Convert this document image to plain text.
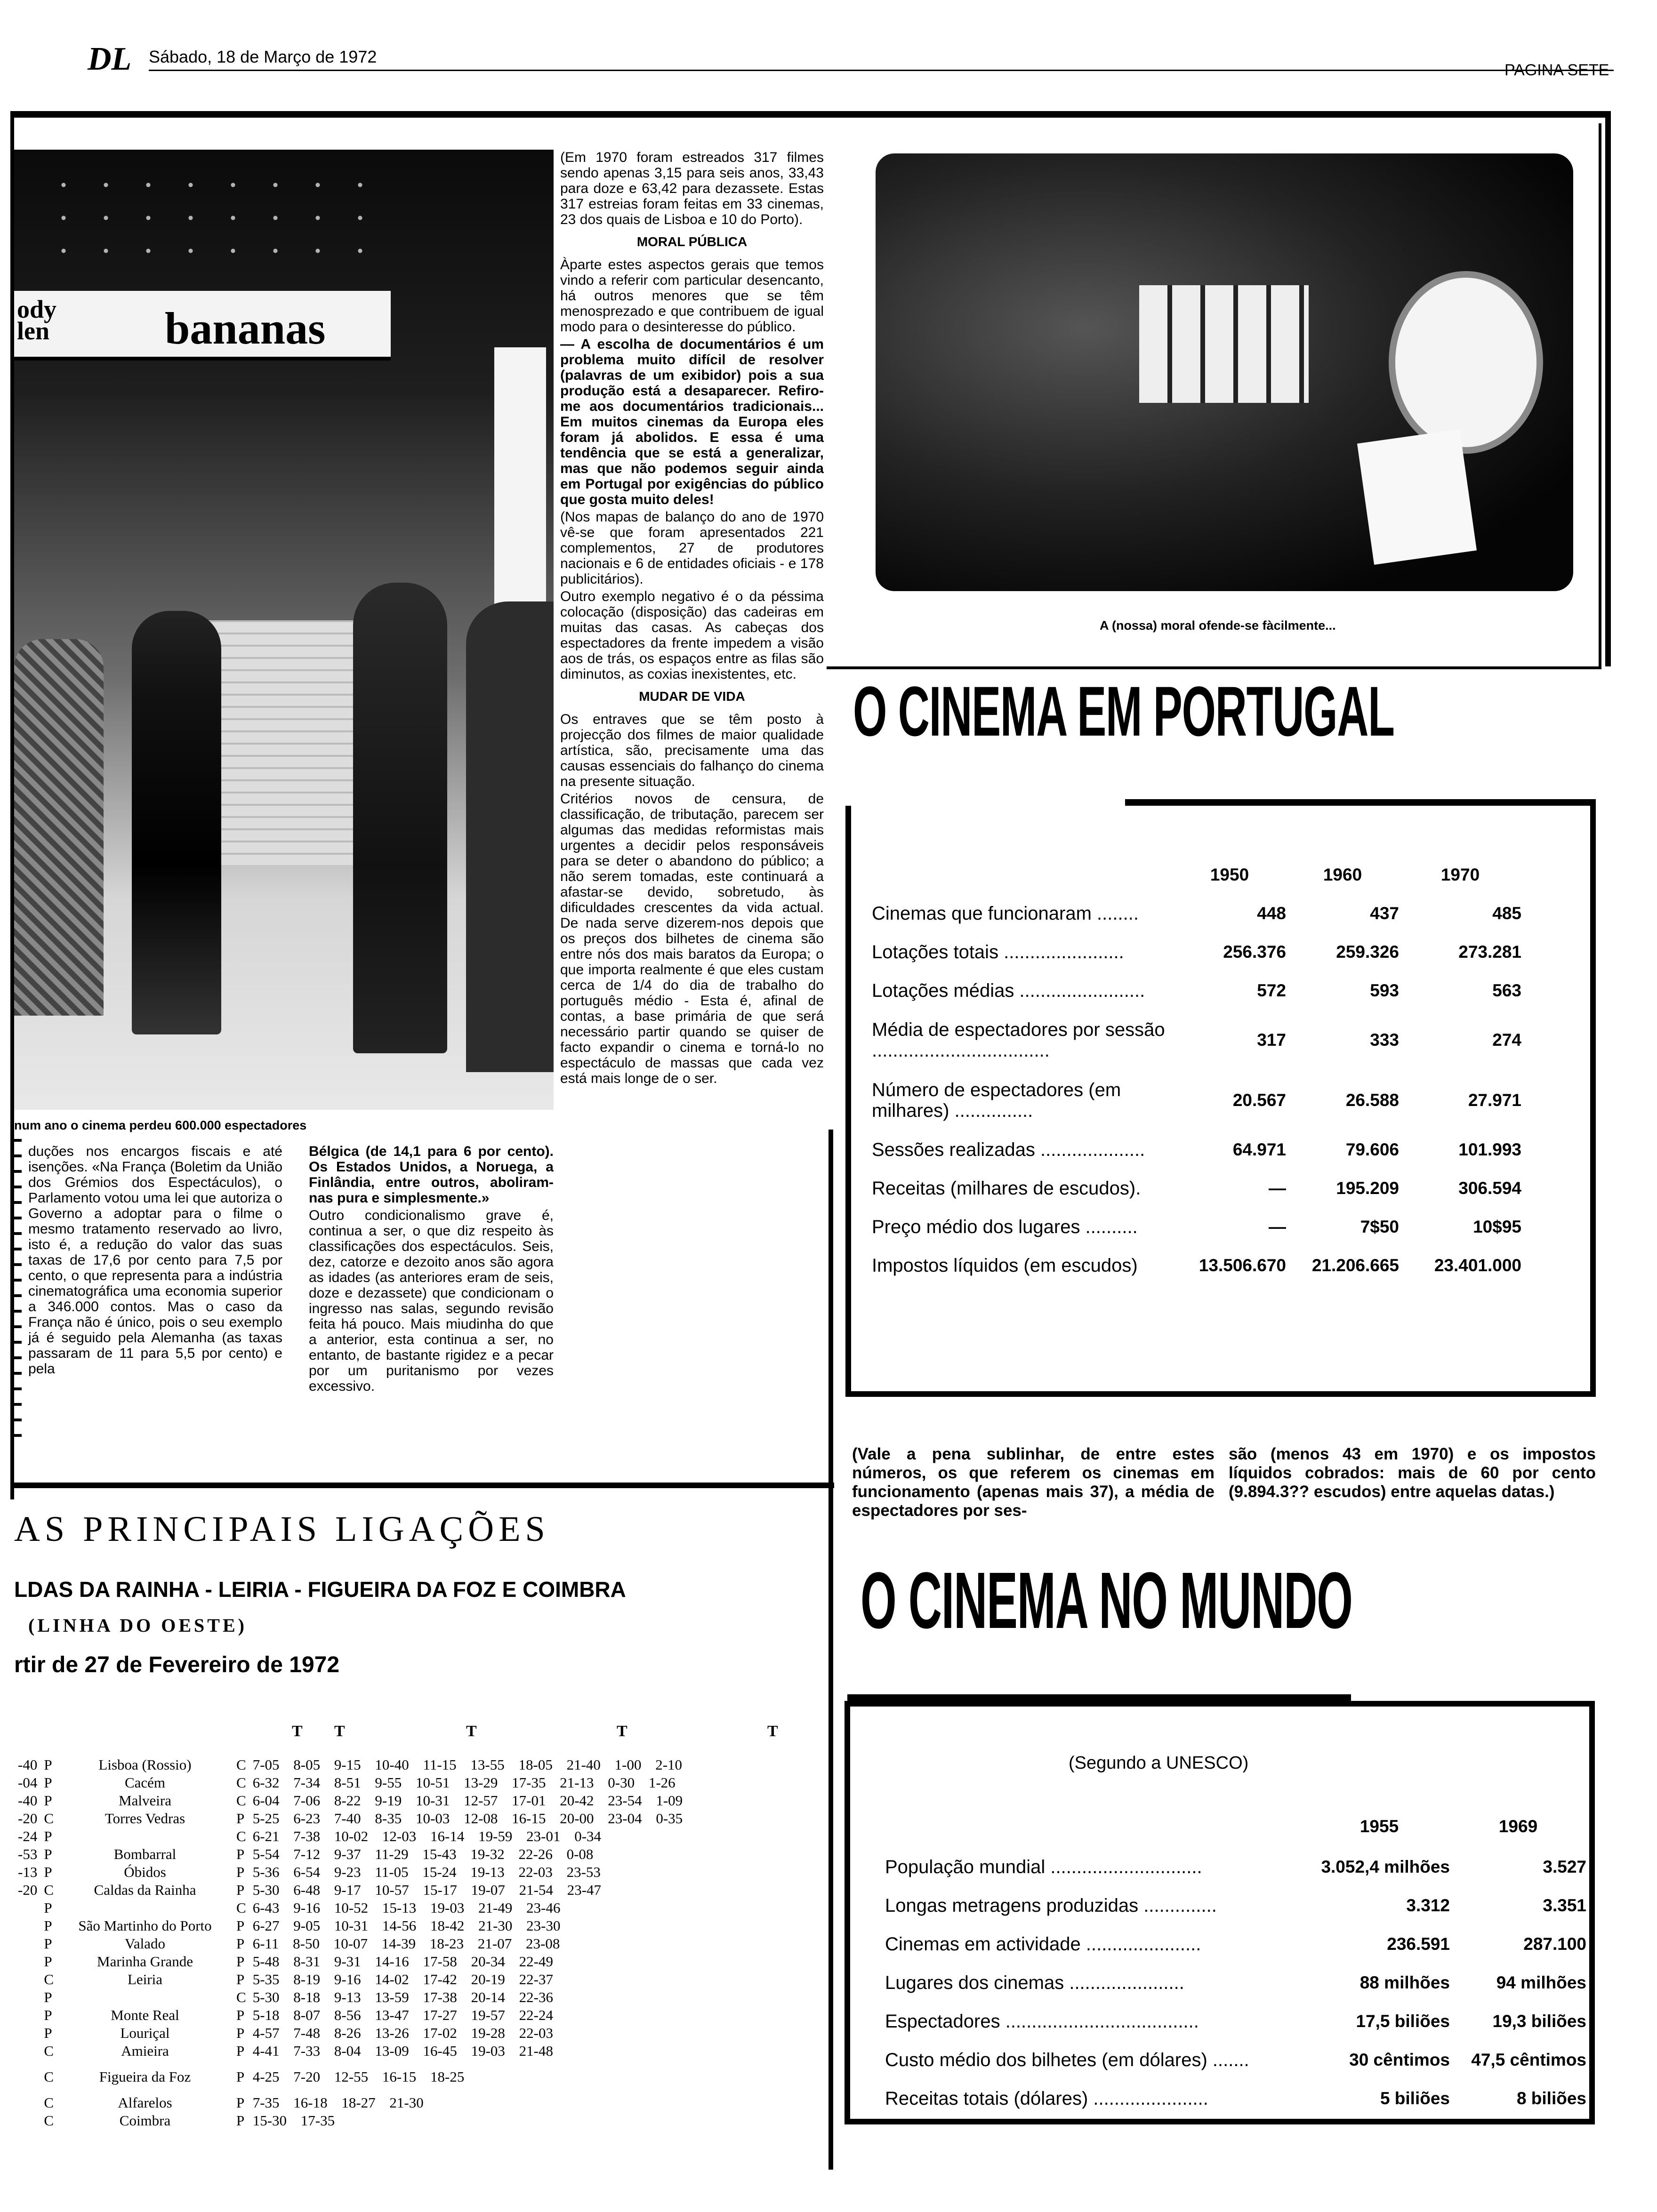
DL Sábado, 18 de Março de 1972
PAGINA SETE
ody
len	bananas
num ano o cinema perdeu 600.000 espectadores

duções nos encargos fiscais e até isenções. «Na França (Boletim da União dos Grémios dos Espectáculos), o Parlamento votou uma lei que autoriza o Governo a adoptar para o filme o mesmo tratamento reservado ao livro, isto é, a redução do valor das suas taxas de 17,6 por cento para 7,5 por cento, o que representa para a indústria cinematográfica uma economia superior a 346.000 contos. Mas o caso da França não é único, pois o seu exemplo já é seguido pela Alemanha (as taxas passaram de 11 para 5,5 por cento) e pela

Bélgica (de 14,1 para 6 por cento). Os Estados Unidos, a Noruega, a Finlândia, entre outros, aboliram-nas pura e simplesmente.»

Outro condicionalismo grave é, continua a ser, o que diz respeito às classificações dos espectáculos. Seis, dez, catorze e dezoito anos são agora as idades (as anteriores eram de seis, doze e dezassete) que condicionam o ingresso nas salas, segundo revisão feita há pouco. Mais miudinha do que a anterior, esta continua a ser, no entanto, de bastante rigidez e a pecar por um puritanismo por vezes excessivo.

(Em 1970 foram estreados 317 filmes sendo apenas 3,15 para seis anos, 33,43 para doze e 63,42 para dezassete. Estas 317 estreias foram feitas em 33 cinemas, 23 dos quais de Lisboa e 10 do Porto).

MORAL PÚBLICA

Àparte estes aspectos gerais que temos vindo a referir com particular desencanto, há outros menores que se têm menosprezado e que contribuem de igual modo para o desinteresse do público.

— A escolha de documentários é um problema muito difícil de resolver (palavras de um exibidor) pois a sua produção está a desaparecer. Refiro-me aos documentários tradicionais... Em muitos cinemas da Europa eles foram já abolidos. E essa é uma tendência que se está a generalizar, mas que não podemos seguir ainda em Portugal por exigências do público que gosta muito deles!

(Nos mapas de balanço do ano de 1970 vê-se que foram apresentados 221 complementos, 27 de produtores nacionais e 6 de entidades oficiais - e 178 publicitários).

Outro exemplo negativo é o da péssima colocação (disposição) das cadeiras em muitas das casas. As cabeças dos espectadores da frente impedem a visão aos de trás, os espaços entre as filas são diminutos, as coxias inexistentes, etc.

MUDAR DE VIDA

Os entraves que se têm posto à projecção dos filmes de maior qualidade artística, são, precisamente uma das causas essenciais do falhanço do cinema na presente situação.

Critérios novos de censura, de classificação, de tributação, parecem ser algumas das medidas reformistas mais urgentes a decidir pelos responsáveis para se deter o abandono do público; a não serem tomadas, este continuará a afastar-se devido, sobretudo, às dificuldades crescentes da vida actual. De nada serve dizerem-nos depois que os preços dos bilhetes de cinema são entre nós dos mais baratos da Europa; o que importa realmente é que eles custam cerca de 1/4 do dia de trabalho do português médio - Esta é, afinal de contas, a base primária de que será necessário partir quando se quiser de facto expandir o cinema e torná-lo no espectáculo de massas que cada vez está mais longe de o ser.

A (nossa) moral ofende-se fàcilmente...
O CINEMA EM PORTUGAL
	1950	1960	1970
Cinemas que funcionaram ........	448	437	485
Lotações totais .......................	256.376	259.326	273.281
Lotações médias ........................	572	593	563
Média de espectadores por sessão ..................................	317	333	274
Número de espectadores (em milhares) ...............	20.567	26.588	27.971
Sessões realizadas ....................	64.971	79.606	101.993
Receitas (milhares de escudos).	—	195.209	306.594
Preço médio dos lugares ..........	—	7$50	10$95
Impostos líquidos (em escudos)	13.506.670	21.206.665	23.401.000
(Vale a pena sublinhar, de entre estes números, os que referem os cinemas em funcionamento (apenas mais 37), a média de espectadores por ses-
são (menos 43 em 1970) e os impostos líquidos cobrados: mais de 60 por cento (9.894.3?? escudos) entre aquelas datas.)
O CINEMA NO MUNDO
(Segundo a UNESCO)
	1955	1969
População mundial .............................	3.052,4 milhões	3.527
Longas metragens produzidas ..............	3.312	3.351
Cinemas em actividade ......................	236.591	287.100
Lugares dos cinemas ......................	88 milhões	94 milhões
Espectadores .....................................	17,5 biliões	19,3 biliões
Custo médio dos bilhetes (em dólares) .......	30 cêntimos	47,5 cêntimos
Receitas totais (dólares) ......................	5 biliões	8 biliões
AS PRINCIPAIS LIGAÇÕES
LDAS DA RAINHA - LEIRIA - FIGUEIRA DA FOZ E COIMBRA
(LINHA DO OESTE)
rtir de 27 de Fevereiro de 1972
T T	T	T	T
-40	P	Lisboa (Rossio)	C	7-05 8-05 9-15 10-40 11-15 13-55 18-05 21-40 1-00 2-10
-04	P	Cacém	C	6-32 7-34 8-51 9-55 10-51 13-29 17-35 21-13 0-30 1-26
-40	P	Malveira	C	6-04 7-06 8-22 9-19 10-31 12-57 17-01 20-42 23-54 1-09
-20	C	Torres Vedras	P	5-25 6-23 7-40 8-35 10-03 12-08 16-15 20-00 23-04 0-35
-24	P		C	6-21 7-38 10-02 12-03 16-14 19-59 23-01 0-34
-53	P	Bombarral	P	5-54 7-12 9-37 11-29 15-43 19-32 22-26 0-08
-13	P	Óbidos	P	5-36 6-54 9-23 11-05 15-24 19-13 22-03 23-53
-20	C	Caldas da Rainha	P	5-30 6-48 9-17 10-57 15-17 19-07 21-54 23-47
	P		C	6-43 9-16 10-52 15-13 19-03 21-49 23-46
	P	São Martinho do Porto	P	6-27 9-05 10-31 14-56 18-42 21-30 23-30
	P	Valado	P	6-11 8-50 10-07 14-39 18-23 21-07 23-08
	P	Marinha Grande	P	5-48 8-31 9-31 14-16 17-58 20-34 22-49
	C	Leiria	P	5-35 8-19 9-16 14-02 17-42 20-19 22-37
	P		C	5-30 8-18 9-13 13-59 17-38 20-14 22-36
	P	Monte Real	P	5-18 8-07 8-56 13-47 17-27 19-57 22-24
	P	Louriçal	P	4-57 7-48 8-26 13-26 17-02 19-28 22-03
	C	Amieira	P	4-41 7-33 8-04 13-09 16-45 19-03 21-48
	C	Figueira da Foz	P	4-25 7-20 12-55 16-15 18-25
	C	Alfarelos	P	7-35 16-18 18-27 21-30
	C	Coimbra	P	15-30 17-35
